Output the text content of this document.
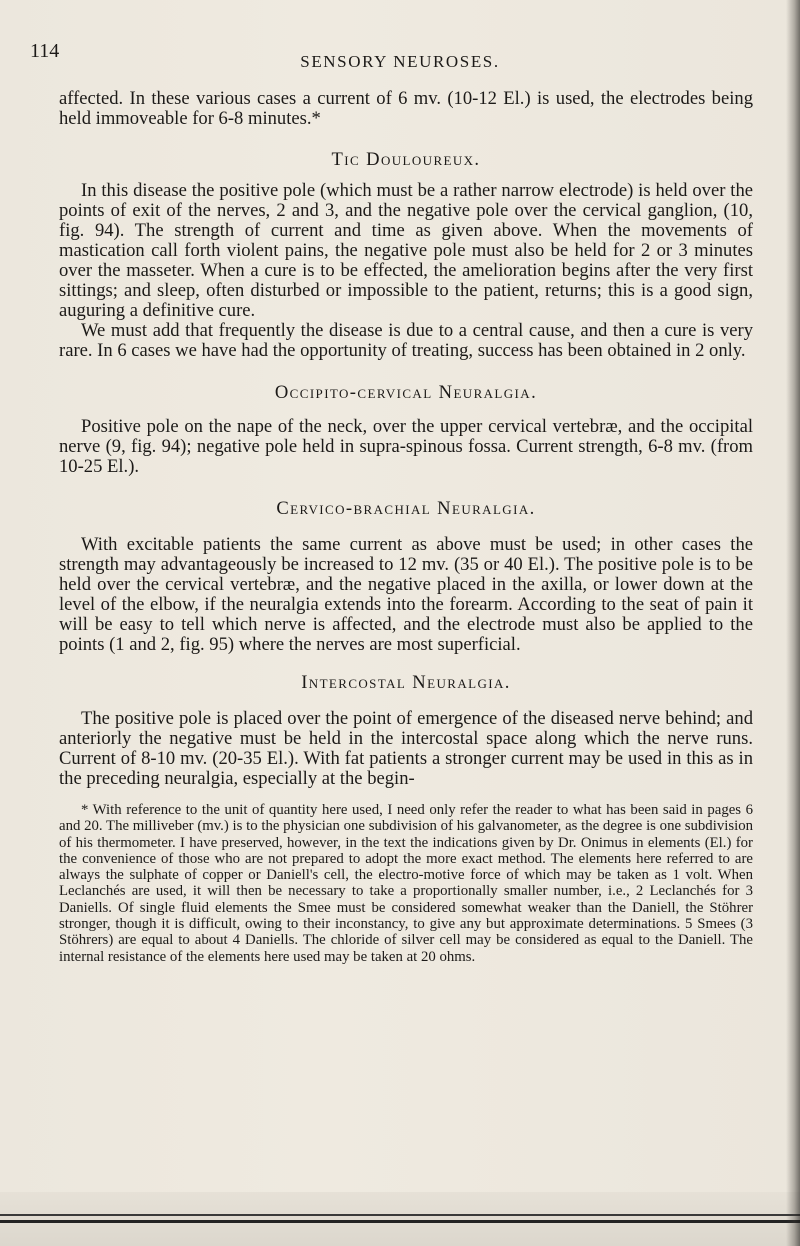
114	SENSORY NEUROSES.

affected. In these various cases a current of 6 mv. (10-12 El.) is used, the electrodes being held immoveable for 6-8 minutes.*

Tic Douloureux.

In this disease the positive pole (which must be a rather narrow electrode) is held over the points of exit of the nerves, 2 and 3, and the negative pole over the cervical ganglion, (10, fig. 94). The strength of current and time as given above. When the movements of mastication call forth violent pains, the negative pole must also be held for 2 or 3 minutes over the masseter. When a cure is to be effected, the amelioration begins after the very first sittings; and sleep, often disturbed or impossible to the patient, returns; this is a good sign, auguring a definitive cure.

We must add that frequently the disease is due to a central cause, and then a cure is very rare. In 6 cases we have had the opportunity of treating, success has been obtained in 2 only.

Occipito-cervical Neuralgia.

Positive pole on the nape of the neck, over the upper cervical vertebræ, and the occipital nerve (9, fig. 94); negative pole held in supra-spinous fossa. Current strength, 6-8 mv. (from 10-25 El.).

Cervico-brachial Neuralgia.

With excitable patients the same current as above must be used; in other cases the strength may advantageously be increased to 12 mv. (35 or 40 El.). The positive pole is to be held over the cervical vertebræ, and the negative placed in the axilla, or lower down at the level of the elbow, if the neuralgia extends into the forearm. According to the seat of pain it will be easy to tell which nerve is affected, and the electrode must also be applied to the points (1 and 2, fig. 95) where the nerves are most superficial.

Intercostal Neuralgia.

The positive pole is placed over the point of emergence of the diseased nerve behind; and anteriorly the negative must be held in the intercostal space along which the nerve runs. Current of 8-10 mv. (20-35 El.). With fat patients a stronger current may be used in this as in the preceding neuralgia, especially at the begin-

* With reference to the unit of quantity here used, I need only refer the reader to what has been said in pages 6 and 20. The milliveber (mv.) is to the physician one subdivision of his galvanometer, as the degree is one subdivision of his thermometer. I have preserved, however, in the text the indications given by Dr. Onimus in elements (El.) for the convenience of those who are not prepared to adopt the more exact method. The elements here referred to are always the sulphate of copper or Daniell's cell, the electro-motive force of which may be taken as 1 volt. When Leclanchés are used, it will then be necessary to take a proportionally smaller number, i.e., 2 Leclanchés for 3 Daniells. Of single fluid elements the Smee must be considered somewhat weaker than the Daniell, the Stöhrer stronger, though it is difficult, owing to their inconstancy, to give any but approximate determinations. 5 Smees (3 Stöhrers) are equal to about 4 Daniells. The chloride of silver cell may be considered as equal to the Daniell. The internal resistance of the elements here used may be taken at 20 ohms.
